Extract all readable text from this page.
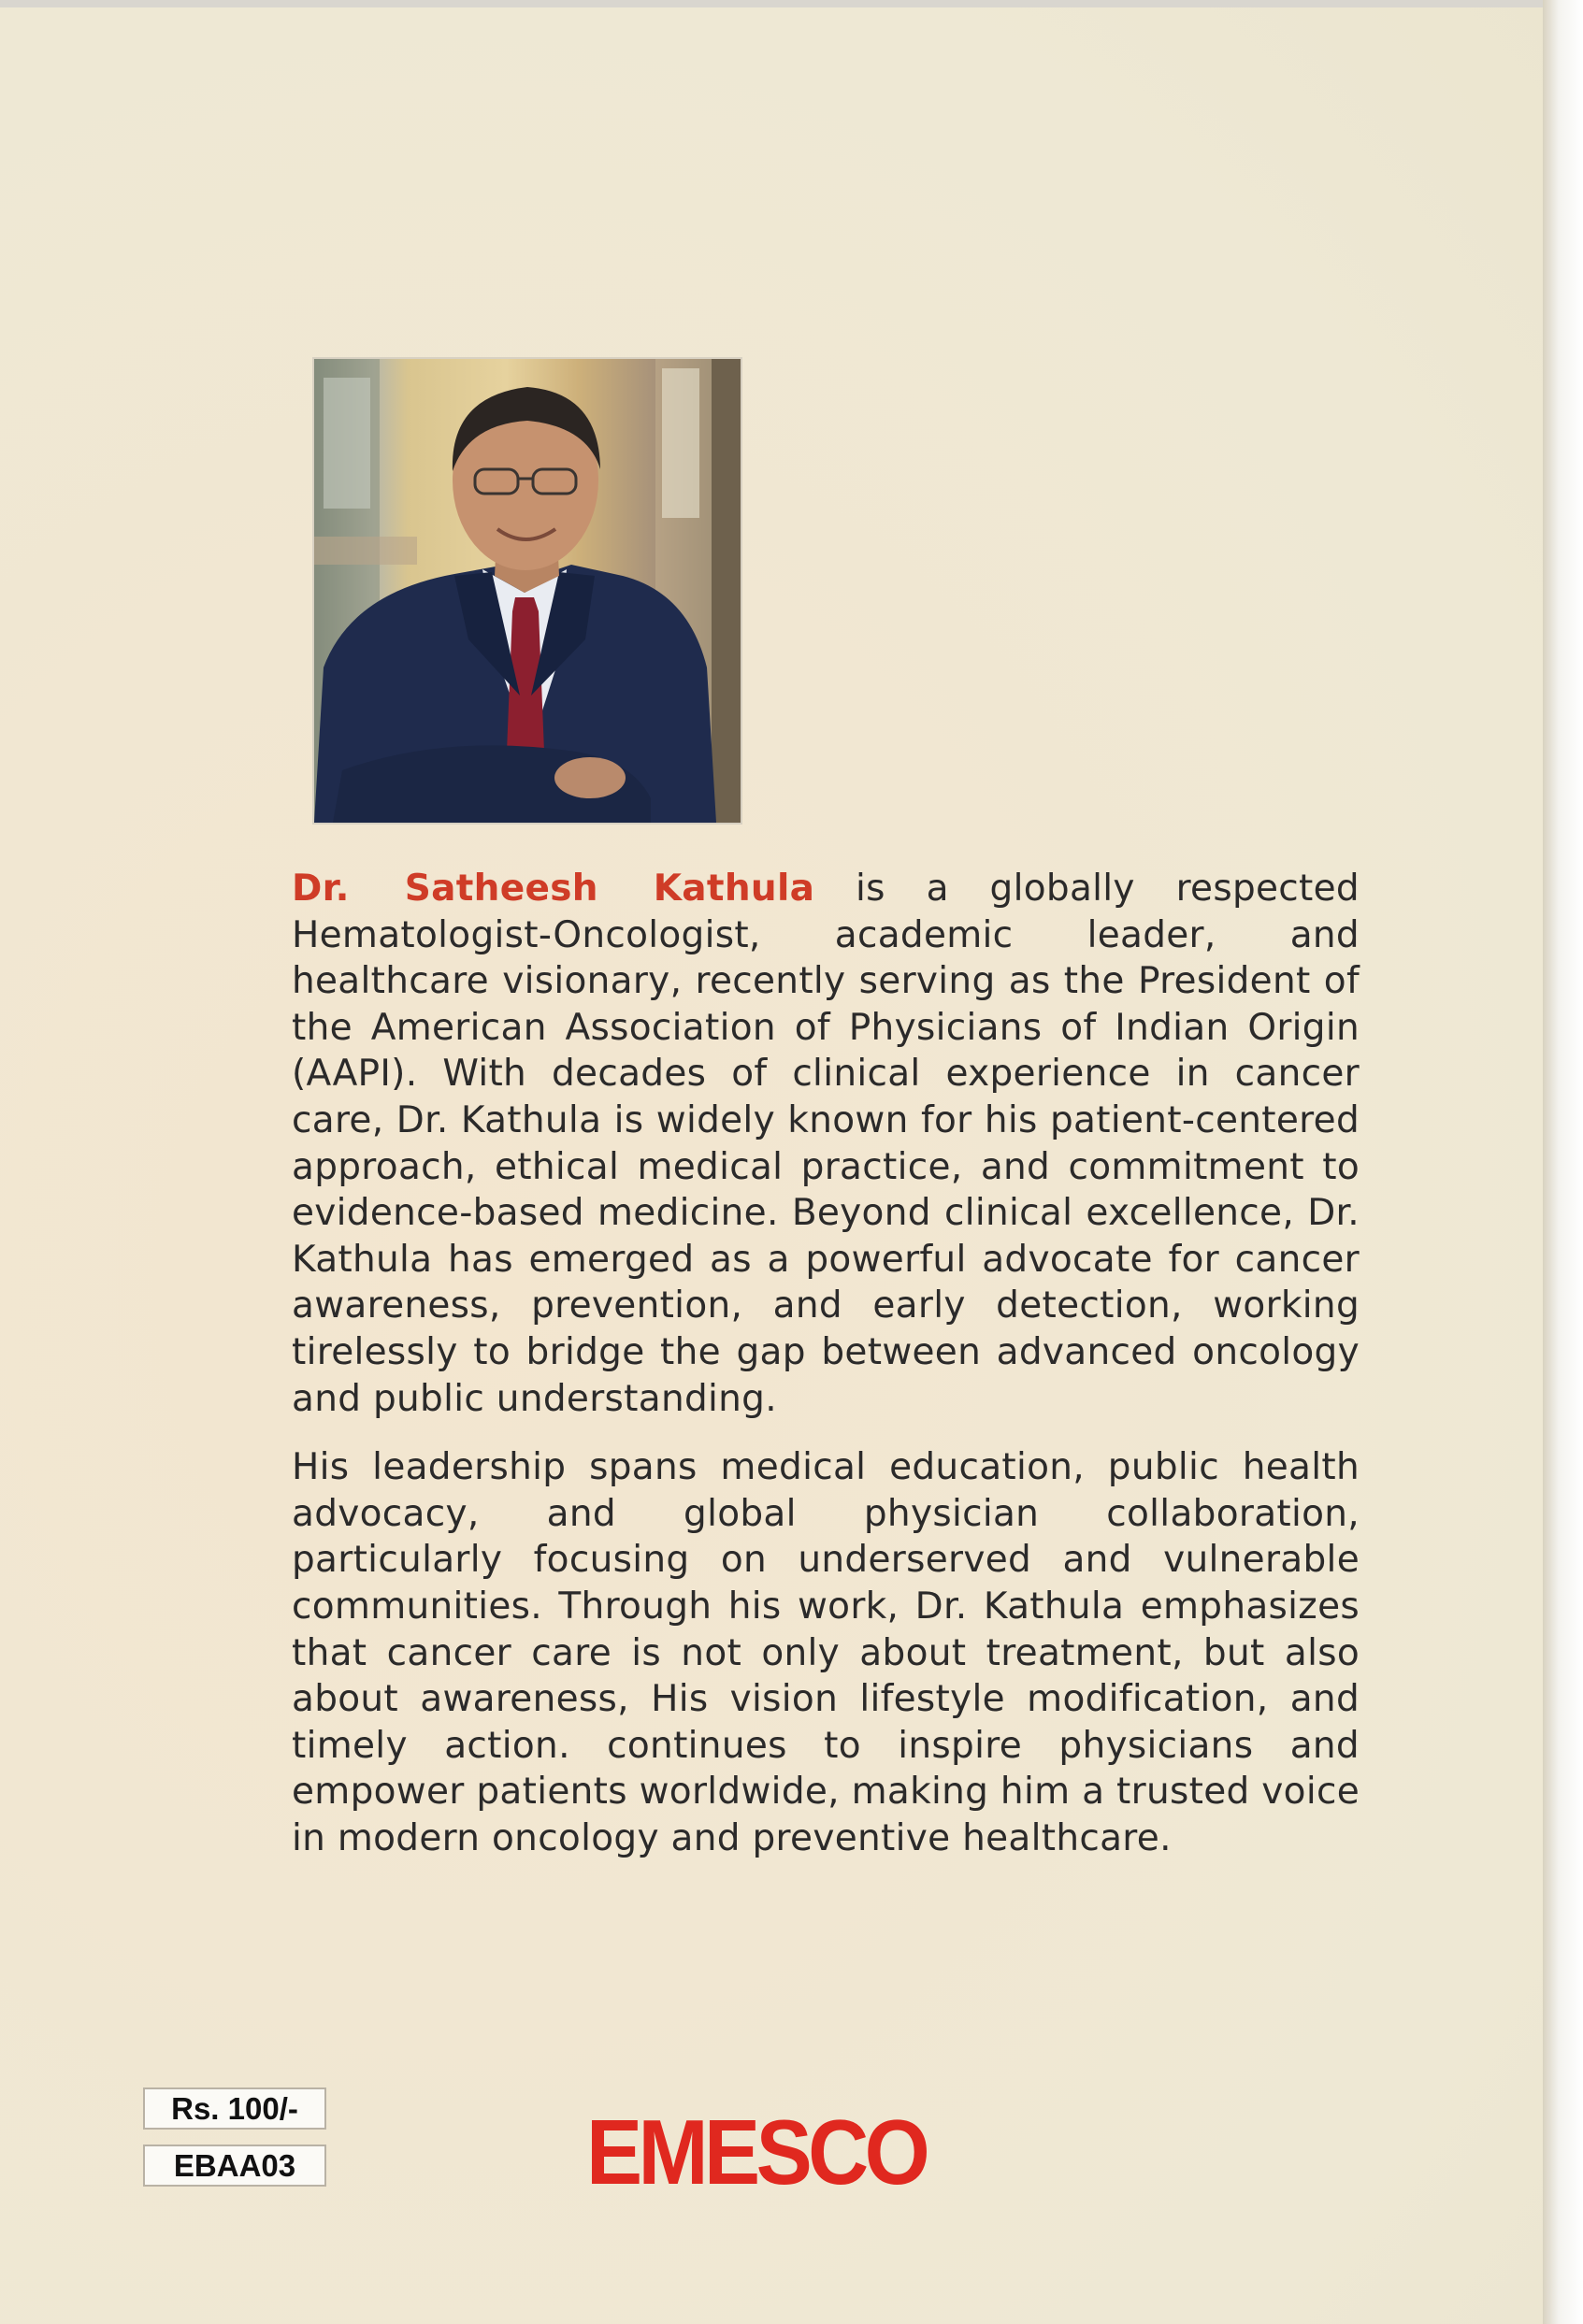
Dr. Satheesh Kathula is a globally respected Hematologist-Oncologist, academic leader, and healthcare visionary, recently serving as the President of the American Association of Physicians of Indian Origin (AAPI). With decades of clinical experience in cancer care, Dr. Kathula is widely known for his patient-centered approach, ethical medical practice, and commitment to evidence-based medicine. Beyond clinical excellence, Dr. Kathula has emerged as a powerful advocate for cancer awareness, prevention, and early detection, working tirelessly to bridge the gap between advanced oncology and public understanding.

His leadership spans medical education, public health advocacy, and global physician collaboration, particularly focusing on underserved and vulnerable communities. Through his work, Dr. Kathula emphasizes that cancer care is not only about treatment, but also about awareness, His vision lifestyle modification, and timely action. continues to inspire physicians and empower patients worldwide, making him a trusted voice in modern oncology and preventive healthcare.

Rs. 100/-
EBAA03	EMESCO
